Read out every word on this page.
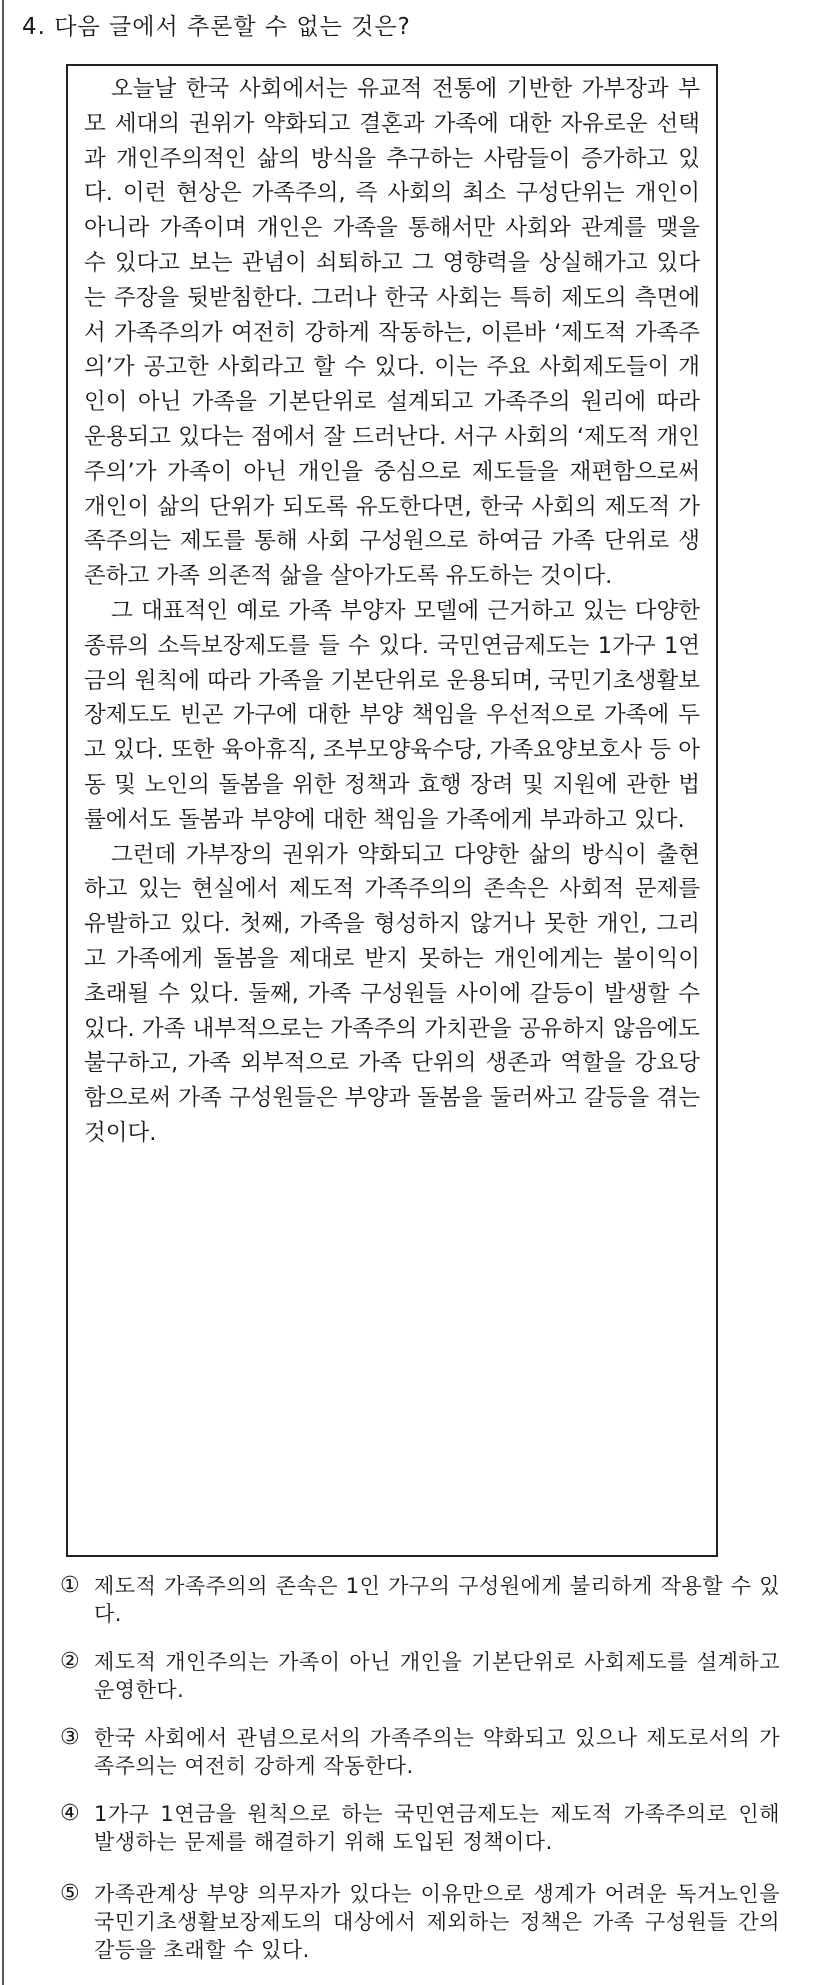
4. 다음 글에서 추론할 수 없는 것은?

오늘날 한국 사회에서는 유교적 전통에 기반한 가부장과 부모 세대의 권위가 약화되고 결혼과 가족에 대한 자유로운 선택과 개인주의적인 삶의 방식을 추구하는 사람들이 증가하고 있다. 이런 현상은 가족주의, 즉 사회의 최소 구성단위는 개인이 아니라 가족이며 개인은 가족을 통해서만 사회와 관계를 맺을 수 있다고 보는 관념이 쇠퇴하고 그 영향력을 상실해가고 있다는 주장을 뒷받침한다. 그러나 한국 사회는 특히 제도의 측면에서 가족주의가 여전히 강하게 작동하는, 이른바 ‘제도적 가족주의’가 공고한 사회라고 할 수 있다. 이는 주요 사회제도들이 개인이 아닌 가족을 기본단위로 설계되고 가족주의 원리에 따라 운용되고 있다는 점에서 잘 드러난다. 서구 사회의 ‘제도적 개인주의’가 가족이 아닌 개인을 중심으로 제도들을 재편함으로써 개인이 삶의 단위가 되도록 유도한다면, 한국 사회의 제도적 가족주의는 제도를 통해 사회 구성원으로 하여금 가족 단위로 생존하고 가족 의존적 삶을 살아가도록 유도하는 것이다.

그 대표적인 예로 가족 부양자 모델에 근거하고 있는 다양한 종류의 소득보장제도를 들 수 있다. 국민연금제도는 1가구 1연금의 원칙에 따라 가족을 기본단위로 운용되며, 국민기초생활보장제도도 빈곤 가구에 대한 부양 책임을 우선적으로 가족에 두고 있다. 또한 육아휴직, 조부모양육수당, 가족요양보호사 등 아동 및 노인의 돌봄을 위한 정책과 효행 장려 및 지원에 관한 법률에서도 돌봄과 부양에 대한 책임을 가족에게 부과하고 있다.

그런데 가부장의 권위가 약화되고 다양한 삶의 방식이 출현하고 있는 현실에서 제도적 가족주의의 존속은 사회적 문제를 유발하고 있다. 첫째, 가족을 형성하지 않거나 못한 개인, 그리고 가족에게 돌봄을 제대로 받지 못하는 개인에게는 불이익이 초래될 수 있다. 둘째, 가족 구성원들 사이에 갈등이 발생할 수 있다. 가족 내부적으로는 가족주의 가치관을 공유하지 않음에도 불구하고, 가족 외부적으로 가족 단위의 생존과 역할을 강요당함으로써 가족 구성원들은 부양과 돌봄을 둘러싸고 갈등을 겪는 것이다.

① 제도적 가족주의의 존속은 1인 가구의 구성원에게 불리하게 작용할 수 있다.
② 제도적 개인주의는 가족이 아닌 개인을 기본단위로 사회제도를 설계하고 운영한다.
③ 한국 사회에서 관념으로서의 가족주의는 약화되고 있으나 제도로서의 가족주의는 여전히 강하게 작동한다.
④ 1가구 1연금을 원칙으로 하는 국민연금제도는 제도적 가족주의로 인해 발생하는 문제를 해결하기 위해 도입된 정책이다.
⑤ 가족관계상 부양 의무자가 있다는 이유만으로 생계가 어려운 독거노인을 국민기초생활보장제도의 대상에서 제외하는 정책은 가족 구성원들 간의 갈등을 초래할 수 있다.
